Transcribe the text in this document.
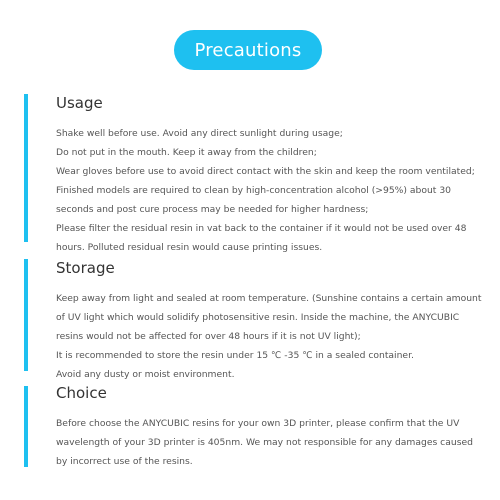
Precautions
Usage
Shake well before use. Avoid any direct sunlight during usage;
Do not put in the mouth. Keep it away from the children;
Wear gloves before use to avoid direct contact with the skin and keep the room ventilated;
Finished models are required to clean by high-concentration alcohol (>95%) about 30
seconds and post cure process may be needed for higher hardness;
Please filter the residual resin in vat back to the container if it would not be used over 48
hours. Polluted residual resin would cause printing issues.
Storage
Keep away from light and sealed at room temperature. (Sunshine contains a certain amount
of UV light which would solidify photosensitive resin. Inside the machine, the ANYCUBIC
resins would not be affected for over 48 hours if it is not UV light);
It is recommended to store the resin under 15 ℃ -35 ℃ in a sealed container.
Avoid any dusty or moist environment.
Choice
Before choose the ANYCUBIC resins for your own 3D printer, please confirm that the UV
wavelength of your 3D printer is 405nm. We may not responsible for any damages caused
by incorrect use of the resins.
